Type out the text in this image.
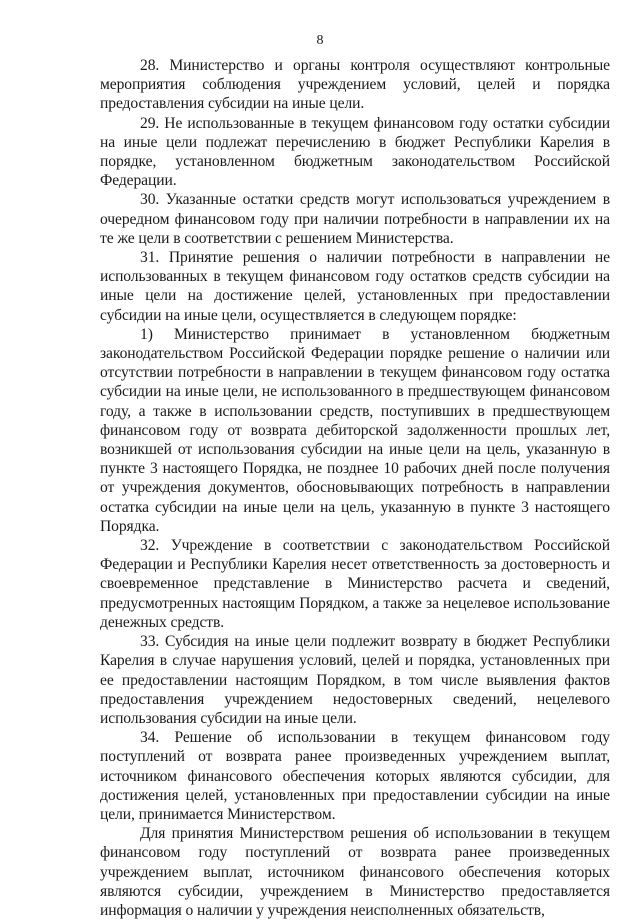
8

28. Министерство и органы контроля осуществляют контрольные мероприятия соблюдения учреждением условий, целей и порядка предоставления субсидии на иные цели.

29. Не использованные в текущем финансовом году остатки субсидии на иные цели подлежат перечислению в бюджет Республики Карелия в порядке, установленном бюджетным законодательством Российской Федерации.

30. Указанные остатки средств могут использоваться учреждением в очередном финансовом году при наличии потребности в направлении их на те же цели в соответствии с решением Министерства.

31. Принятие решения о наличии потребности в направлении не использованных в текущем финансовом году остатков средств субсидии на иные цели на достижение целей, установленных при предоставлении субсидии на иные цели, осуществляется в следующем порядке:

1) Министерство принимает в установленном бюджетным законодательством Российской Федерации порядке решение о наличии или отсутствии потребности в направлении в текущем финансовом году остатка субсидии на иные цели, не использованного в предшествующем финансовом году, а также в использовании средств, поступивших в предшествующем финансовом году от возврата дебиторской задолженности прошлых лет, возникшей от использования субсидии на иные цели на цель, указанную в пункте 3 настоящего Порядка, не позднее 10 рабочих дней после получения от учреждения документов, обосновывающих потребность в направлении остатка субсидии на иные цели на цель, указанную в пункте 3 настоящего Порядка.

32. Учреждение в соответствии с законодательством Российской Федерации и Республики Карелия несет ответственность за достоверность и своевременное представление в Министерство расчета и сведений, предусмотренных настоящим Порядком, а также за нецелевое использование денежных средств.

33. Субсидия на иные цели подлежит возврату в бюджет Республики Карелия в случае нарушения условий, целей и порядка, установленных при ее предоставлении настоящим Порядком, в том числе выявления фактов предоставления учреждением недостоверных сведений, нецелевого использования субсидии на иные цели.

34. Решение об использовании в текущем финансовом году поступлений от возврата ранее произведенных учреждением выплат, источником финансового обеспечения которых являются субсидии, для достижения целей, установленных при предоставлении субсидии на иные цели, принимается Министерством.

Для принятия Министерством решения об использовании в текущем финансовом году поступлений от возврата ранее произведенных учреждением выплат, источником финансового обеспечения которых являются субсидии, учреждением в Министерство предоставляется информация о наличии у учреждения неисполненных обязательств,
